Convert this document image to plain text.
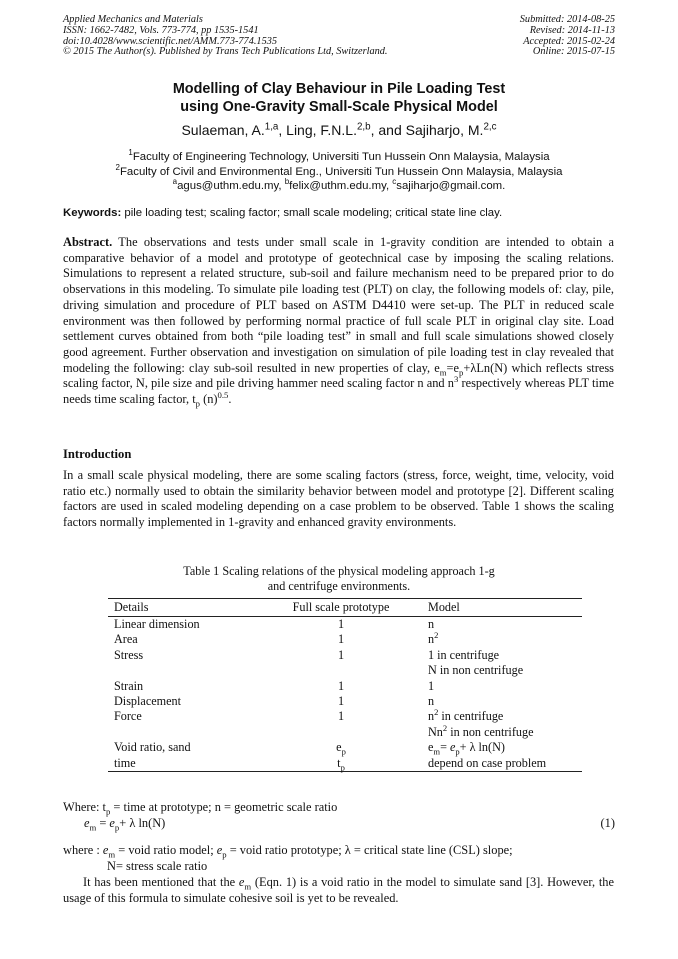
Applied Mechanics and Materials
ISSN: 1662-7482, Vols. 773-774, pp 1535-1541
doi:10.4028/www.scientific.net/AMM.773-774.1535
© 2015 The Author(s). Published by Trans Tech Publications Ltd, Switzerland.
Submitted: 2014-08-25
Revised: 2014-11-13
Accepted: 2015-02-24
Online: 2015-07-15
Modelling of Clay Behaviour in Pile Loading Test
using One-Gravity Small-Scale Physical Model
Sulaeman, A.$^{1,a}$, Ling, F.N.L.$^{2,b}$, and Sajiharjo, M.$^{2,c}$
$^1$Faculty of Engineering Technology, Universiti Tun Hussein Onn Malaysia, Malaysia
$^2$Faculty of Civil and Environmental Eng., Universiti Tun Hussein Onn Malaysia, Malaysia
$^a$agus@uthm.edu.my, $^b$felix@uthm.edu.my, $^c$sajiharjo@gmail.com.
Keywords: pile loading test; scaling factor; small scale modeling; critical state line clay.
Abstract. The observations and tests under small scale in 1-gravity condition are intended to obtain a comparative behavior of a model and prototype of geotechnical case by imposing the scaling relations. Simulations to represent a related structure, sub-soil and failure mechanism need to be prepared prior to do observations in this modeling. To simulate pile loading test (PLT) on clay, the following models of: clay, pile, driving simulation and procedure of PLT based on ASTM D4410 were set-up. The PLT in reduced scale environment was then followed by performing normal practice of full scale PLT in original clay site. Load settlement curves obtained from both “pile loading test” in small and full scale simulations showed closely good agreement. Further observation and investigation on simulation of pile loading test in clay revealed that modeling the following: clay sub-soil resulted in new properties of clay, $e_m=e_p+\lambda Ln(N)$ which reflects stress scaling factor, N, pile size and pile driving hammer need scaling factor n and $n^3$ respectively whereas PLT time needs time scaling factor, $t_p$ $(n)^{0.5}$.
Introduction
In a small scale physical modeling, there are some scaling factors (stress, force, weight, time, velocity, void ratio etc.) normally used to obtain the similarity behavior between model and prototype [2]. Different scaling factors are used in scaled modeling depending on a case problem to be observed. Table 1 shows the scaling factors normally implemented in 1-gravity and enhanced gravity environments.
Table 1 Scaling relations of the physical modeling approach 1-g
and centrifuge environments.
Details	Full scale prototype	Model
Linear dimension	1	n
Area	1	$n^2$
Stress	1	1 in centrifuge
		N in non centrifuge
Strain	1	1
Displacement	1	n
Force	1	$n^2$ in centrifuge
		Nn$^2$ in non centrifuge
Void ratio, sand	$e_p$	$e_m= e_p+ \lambda$ ln(N)
time	$t_p$	depend on case problem
Where: $t_p$ = time at prototype; n = geometric scale ratio
$e_m = e_p+ \lambda$ ln(N)	(1)
where : $e_m$ = void ratio model; $e_p$ = void ratio prototype; λ = critical state line (CSL) slope;
N= stress scale ratio
It has been mentioned that the $e_m$ (Eqn. 1) is a void ratio in the model to simulate sand [3]. However, the usage of this formula to simulate cohesive soil is yet to be revealed.
